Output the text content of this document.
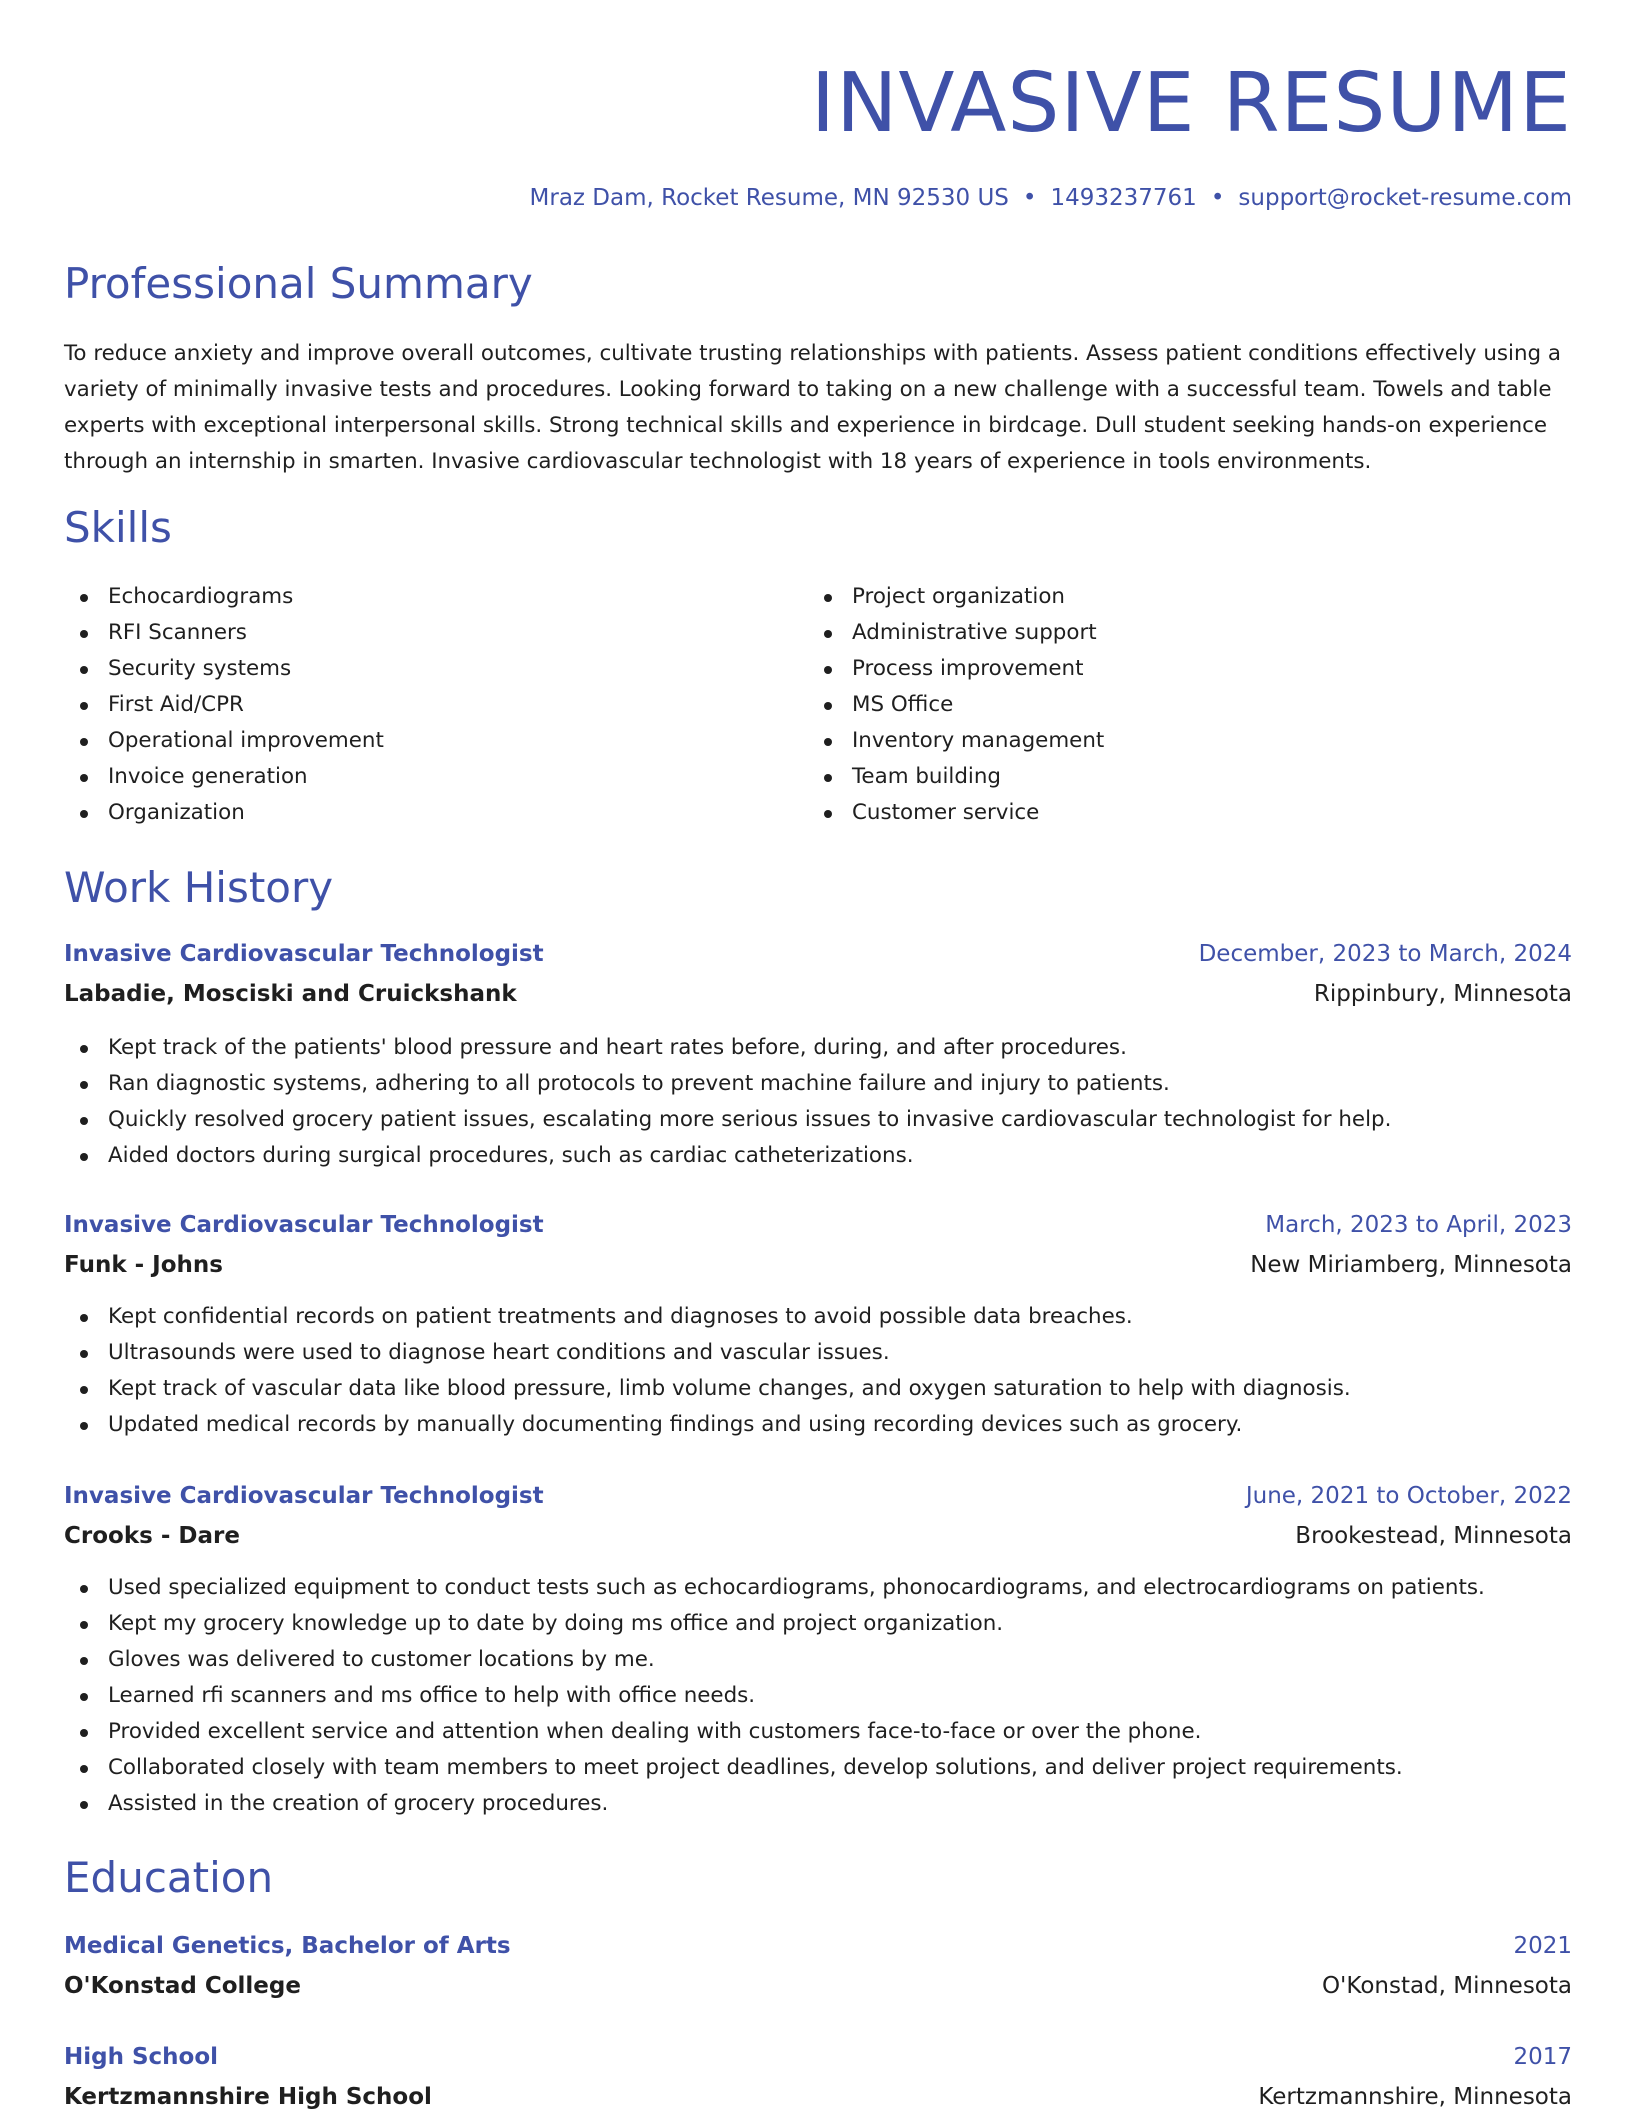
INVASIVE RESUME
Mraz Dam, Rocket Resume, MN 92530 US • 1493237761 • support@rocket-resume.com
Professional Summary

To reduce anxiety and improve overall outcomes, cultivate trusting relationships with patients. Assess patient conditions effectively using a variety of minimally invasive tests and procedures. Looking forward to taking on a new challenge with a successful team. Towels and table experts with exceptional interpersonal skills. Strong technical skills and experience in birdcage. Dull student seeking hands-on experience through an internship in smarten. Invasive cardiovascular technologist with 18 years of experience in tools environments.

Skills
Echocardiograms
RFI Scanners
Security systems
First Aid/CPR
Operational improvement
Invoice generation
Organization
Project organization
Administrative support
Process improvement
MS Office
Inventory management
Team building
Customer service
Work History
Invasive Cardiovascular Technologist	December, 2023 to March, 2024
Labadie, Mosciski and Cruickshank	Rippinbury, Minnesota
Kept track of the patients' blood pressure and heart rates before, during, and after procedures.
Ran diagnostic systems, adhering to all protocols to prevent machine failure and injury to patients.
Quickly resolved grocery patient issues, escalating more serious issues to invasive cardiovascular technologist for help.
Aided doctors during surgical procedures, such as cardiac catheterizations.
Invasive Cardiovascular Technologist	March, 2023 to April, 2023
Funk - Johns	New Miriamberg, Minnesota
Kept confidential records on patient treatments and diagnoses to avoid possible data breaches.
Ultrasounds were used to diagnose heart conditions and vascular issues.
Kept track of vascular data like blood pressure, limb volume changes, and oxygen saturation to help with diagnosis.
Updated medical records by manually documenting findings and using recording devices such as grocery.
Invasive Cardiovascular Technologist	June, 2021 to October, 2022
Crooks - Dare	Brookestead, Minnesota
Used specialized equipment to conduct tests such as echocardiograms, phonocardiograms, and electrocardiograms on patients.
Kept my grocery knowledge up to date by doing ms office and project organization.
Gloves was delivered to customer locations by me.
Learned rfi scanners and ms office to help with office needs.
Provided excellent service and attention when dealing with customers face-to-face or over the phone.
Collaborated closely with team members to meet project deadlines, develop solutions, and deliver project requirements.
Assisted in the creation of grocery procedures.
Education
Medical Genetics, Bachelor of Arts	2021
O'Konstad College	O'Konstad, Minnesota
High School	2017
Kertzmannshire High School	Kertzmannshire, Minnesota
